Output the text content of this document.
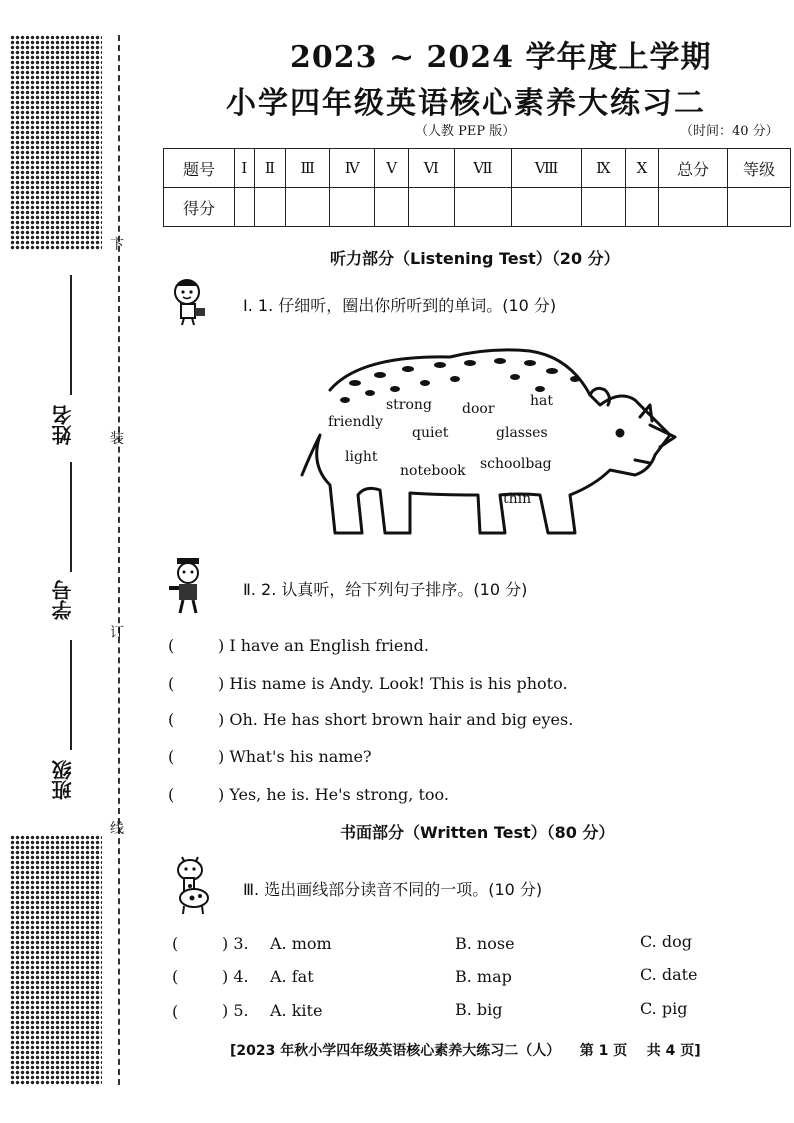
卞
装
订
线
姓名
学号
班级
2023 ~ 2024 学年度上学期
小学四年级英语核心素养大练习二
（人教 PEP 版）	（时间：40 分）
题号	Ⅰ	Ⅱ	Ⅲ	Ⅳ	Ⅴ	Ⅵ	Ⅶ	Ⅷ	Ⅸ	Ⅹ	总分	等级
得分												
听力部分（Listening Test）（20 分）
Ⅰ. 1. 仔细听，圈出你所听到的单词。(10 分)
strong door	hat
friendly
quiet	glasses
light
notebook schoolbag
thin
Ⅱ. 2. 认真听，给下列句子排序。(10 分)
(	) I have an English friend.
(	) His name is Andy. Look! This is his photo.
(	) Oh. He has short brown hair and big eyes.
(	) What's his name?
(	) Yes, he is. He's strong, too.
书面部分（Written Test）（80 分）
Ⅲ. 选出画线部分读音不同的一项。(10 分)
(	) 3. A. mom	B. nose	C. dog
(	) 4. A. fat	B. map	C. date
(	) 5. A. kite	B. big	C. pig
[2023 年秋小学四年级英语核心素养大练习二（人）    第 1 页    共 4 页]
